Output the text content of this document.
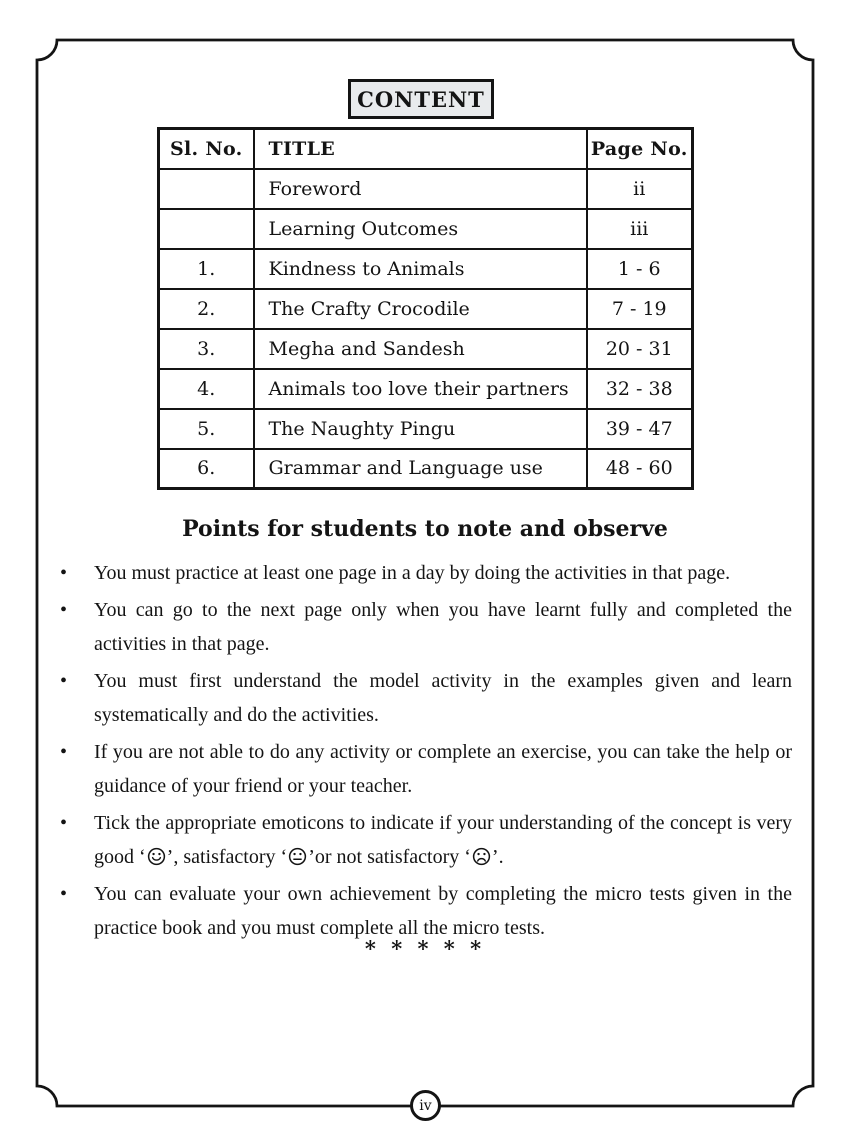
CONTENT
Sl. No.	TITLE	Page No.
	Foreword	ii
	Learning Outcomes	iii
1.	Kindness to Animals	1 - 6
2.	The Crafty Crocodile	7 - 19
3.	Megha and Sandesh	20 - 31
4.	Animals too love their partners	32 - 38
5.	The Naughty Pingu	39 - 47
6.	Grammar and Language use	48 - 60
Points for students to note and observe
• You must practice at least one page in a day by doing the activities in that page.
• You can go to the next page only when you have learnt fully and completed the activities in that page.
• You must first understand the model activity in the examples given and learn systematically and do the activities.
• If you are not able to do any activity or complete an exercise, you can take the help or guidance of your friend or your teacher.
• Tick the appropriate emoticons to indicate if your understanding of the concept is very good ‘ ’, satisfactory ‘ ’or not satisfactory ‘ ’.
• You can evaluate your own achievement by completing the micro tests given in the practice book and you must complete all the micro tests.
* * * * *
iv
